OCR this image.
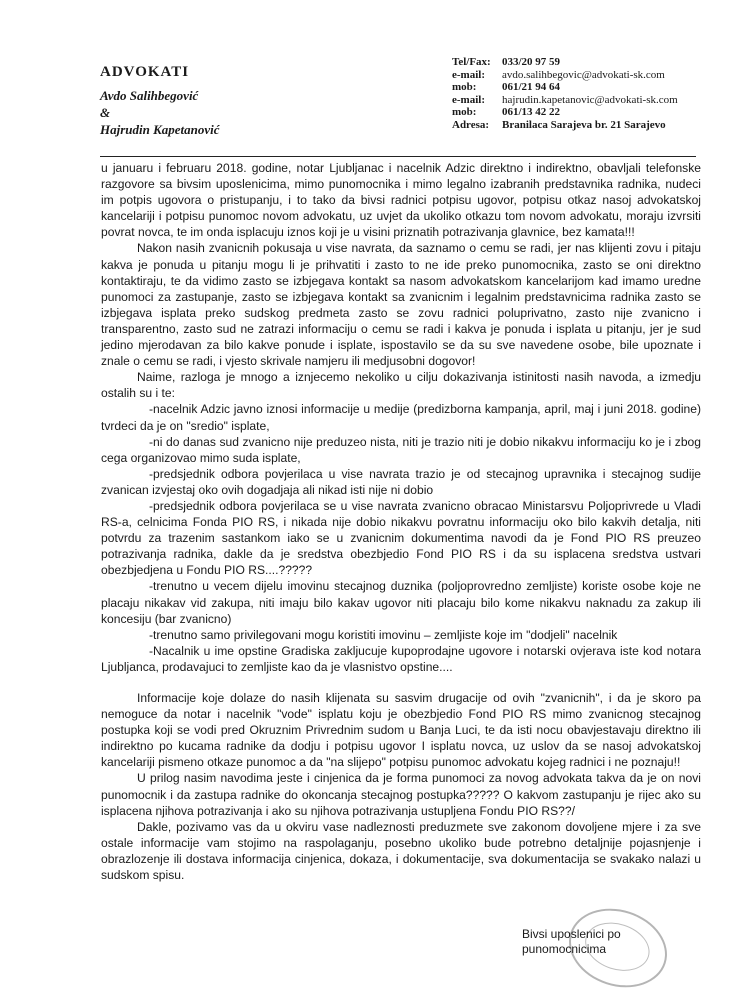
ADVOKATI
Avdo Salihbegović
&
Hajrudin Kapetanović
Tel/Fax:	033/20 97 59
e-mail:	avdo.salihbegovic@advokati-sk.com
mob:	061/21 94 64
e-mail:	hajrudin.kapetanovic@advokati-sk.com
mob:	061/13 42 22
Adresa:	Branilaca Sarajeva br. 21 Sarajevo

u januaru i februaru 2018. godine, notar Ljubljanac i nacelnik Adzic direktno i indirektno, obavljali telefonske razgovore sa bivsim uposlenicima, mimo punomocnika i mimo legalno izabranih predstavnika radnika, nudeci im potpis ugovora o pristupanju, i to tako da bivsi radnici potpisu ugovor, potpisu otkaz nasoj advokatskoj kancelariji i potpisu punomoc novom advokatu, uz uvjet da ukoliko otkazu tom novom advokatu, moraju izvrsiti povrat novca, te im onda isplacuju iznos koji je u visini priznatih potrazivanja glavnice, bez kamata!!!

Nakon nasih zvanicnih pokusaja u vise navrata, da saznamo o cemu se radi, jer nas klijenti zovu i pitaju kakva je ponuda u pitanju mogu li je prihvatiti i zasto to ne ide preko punomocnika, zasto se oni direktno kontaktiraju, te da vidimo zasto se izbjegava kontakt sa nasom advokatskom kancelarijom kad imamo uredne punomoci za zastupanje, zasto se izbjegava kontakt sa zvanicnim i legalnim predstavnicima radnika zasto se izbjegava isplata preko sudskog predmeta zasto se zovu radnici poluprivatno, zasto nije zvanicno i transparentno, zasto sud ne zatrazi informaciju o cemu se radi i kakva je ponuda i isplata u pitanju, jer je sud jedino mjerodavan za bilo kakve ponude i isplate, ispostavilo se da su sve navedene osobe, bile upoznate i znale o cemu se radi, i vjesto skrivale namjeru ili medjusobni dogovor!

Naime, razloga je mnogo a iznjecemo nekoliko u cilju dokazivanja istinitosti nasih navoda, a izmedju ostalih su i te:

-nacelnik Adzic javno iznosi informacije u medije (predizborna kampanja, april, maj i juni 2018. godine) tvrdeci da je on "sredio" isplate,

-ni do danas sud zvanicno nije preduzeo nista, niti je trazio niti je dobio nikakvu informaciju ko je i zbog cega organizovao mimo suda isplate,

-predsjednik odbora povjerilaca u vise navrata trazio je od stecajnog upravnika i stecajnog sudije zvanican izvjestaj oko ovih dogadjaja ali nikad isti nije ni dobio

-predsjednik odbora povjerilaca se u vise navrata zvanicno obracao Ministarsvu Poljoprivrede u Vladi RS-a, celnicima Fonda PIO RS, i nikada nije dobio nikakvu povratnu informaciju oko bilo kakvih detalja, niti potvrdu za trazenim sastankom iako se u zvanicnim dokumentima navodi da je Fond PIO RS preuzeo potrazivanja radnika, dakle da je sredstva obezbjedio Fond PIO RS i da su isplacena sredstva ustvari obezbjedjena u Fondu PIO RS....?????

-trenutno u vecem dijelu imovinu stecajnog duznika (poljoprovredno zemljiste) koriste osobe koje ne placaju nikakav vid zakupa, niti imaju bilo kakav ugovor niti placaju bilo kome nikakvu naknadu za zakup ili koncesiju (bar zvanicno)

-trenutno samo privilegovani mogu koristiti imovinu – zemljiste koje im "dodjeli" nacelnik

-Nacalnik u ime opstine Gradiska zakljucuje kupoprodajne ugovore i notarski ovjerava iste kod notara Ljubljanca, prodavajuci to zemljiste kao da je vlasnistvo opstine....

Informacije koje dolaze do nasih klijenata su sasvim drugacije od ovih "zvanicnih", i da je skoro pa nemoguce da notar i nacelnik "vode" isplatu koju je obezbjedio Fond PIO RS mimo zvanicnog stecajnog postupka koji se vodi pred Okruznim Privrednim sudom u Banja Luci, te da isti nocu obavjestavaju direktno ili indirektno po kucama radnike da dodju i potpisu ugovor I isplatu novca, uz uslov da se nasoj advokatskoj kancelariji pismeno otkaze punomoc a da "na slijepo" potpisu punomoc advokatu kojeg radnici i ne poznaju!!

U prilog nasim navodima jeste i cinjenica da je forma punomoci za novog advokata takva da je on novi punomocnik i da zastupa radnike do okoncanja stecajnog postupka????? O kakvom zastupanju je rijec ako su isplacena njihova potrazivanja i ako su njihova potrazivanja ustupljena Fondu PIO RS??/

Dakle, pozivamo vas da u okviru vase nadleznosti preduzmete sve zakonom dovoljene mjere i za sve ostale informacije vam stojimo na raspolaganju, posebno ukoliko bude potrebno detaljnije pojasnjenje i obrazlozenje ili dostava informacija cinjenica, dokaza, i dokumentacije, sva dokumentacija se svakako nalazi u sudskom spisu.

Bivsi uposlenici po
punomocnicima
